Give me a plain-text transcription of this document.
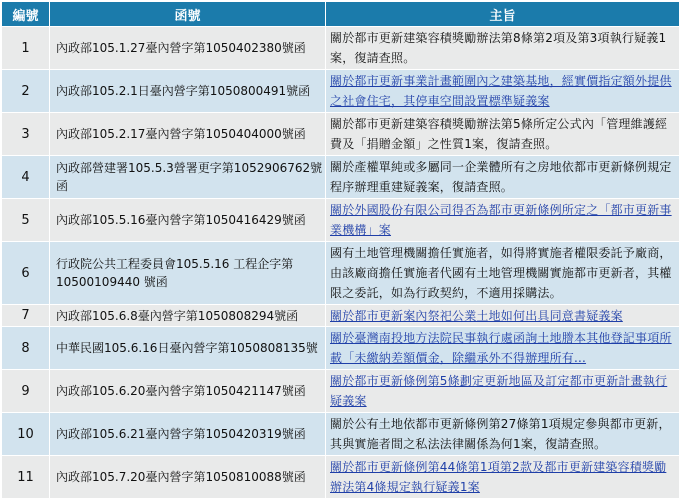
編號	函號	主旨
1	內政部105.1.27臺內營字第1050402380號函	關於都市更新建築容積獎勵辦法第8條第2項及第3項執行疑義1案，復請查照。
2	內政部105.2.1日臺內營字第1050800491號函	關於都市更新事業計畫範圍內之建築基地，經實價指定額外提供之社會住宅，其停車空間設置標準疑義案
3	內政部105.2.17臺內營字第1050404000號函	關於都市更新建築容積獎勵辦法第5條所定公式內「管理維護經費及「捐贈金額」之性質1案，復請查照。
4	內政部營建署105.5.3營署更字第1052906762號函	關於產權單純或多屬同一企業體所有之房地依都市更新條例規定程序辦理重建疑義案，復請查照。
5	內政部105.5.16臺內營字第1050416429號函	關於外國股份有限公司得否為都市更新條例所定之「都市更新事業機構」案
6	行政院公共工程委員會105.5.16 工程企字第10500109440 號函	國有土地管理機關擔任實施者，如得將實施者權限委託予廠商，由該廠商擔任實施者代國有土地管理機關實施都市更新者，其權限之委託，如為行政契約，不適用採購法。
7	內政部105.6.8臺內營字第1050808294號函	關於都市更新案內祭祀公業土地如何出具同意書疑義案
8	中華民國105.6.16日臺內營字第1050808135號	關於臺灣南投地方法院民事執行處函詢土地謄本其他登記事項所載「未繳納差額價金，除繼承外不得辦理所有...
9	內政部105.6.20臺內營字第1050421147號函	關於都市更新條例第5條劃定更新地區及訂定都市更新計畫執行疑義案
10	內政部105.6.21臺內營字第1050420319號函	關於公有土地依都市更新條例第27條第1項規定參與都市更新，其與實施者間之私法法律關係為何1案，復請查照。
11	內政部105.7.20臺內營字第1050810088號函	關於都市更新條例第44條第1項第2款及都市更新建築容積獎勵辦法第4條規定執行疑義1案
